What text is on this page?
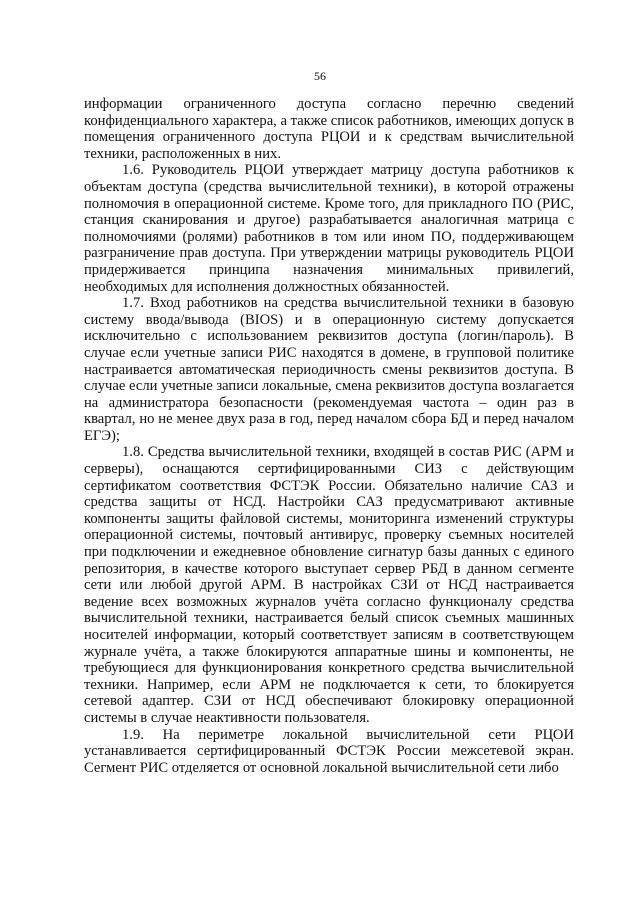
56

информации ограниченного доступа согласно перечню сведений конфиденциального характера, а также список работников, имеющих допуск в помещения ограниченного доступа РЦОИ и к средствам вычислительной техники, расположенных в них.

1.6. Руководитель РЦОИ утверждает матрицу доступа работников к объектам доступа (средства вычислительной техники), в которой отражены полномочия в операционной системе. Кроме того, для прикладного ПО (РИС, станция сканирования и другое) разрабатывается аналогичная матрица с полномочиями (ролями) работников в том или ином ПО, поддерживающем разграничение прав доступа. При утверждении матрицы руководитель РЦОИ придерживается принципа назначения минимальных привилегий, необходимых для исполнения должностных обязанностей.

1.7. Вход работников на средства вычислительной техники в базовую систему ввода/вывода (BIOS) и в операционную систему допускается исключительно с использованием реквизитов доступа (логин/пароль). В случае если учетные записи РИС находятся в домене, в групповой политике настраивается автоматическая периодичность смены реквизитов доступа. В случае если учетные записи локальные, смена реквизитов доступа возлагается на администратора безопасности (рекомендуемая частота – один раз в квартал, но не менее двух раза в год, перед началом сбора БД и перед началом ЕГЭ);

1.8. Средства вычислительной техники, входящей в состав РИС (АРМ и серверы), оснащаются сертифицированными СИЗ с действующим сертификатом соответствия ФСТЭК России. Обязательно наличие САЗ и средства защиты от НСД. Настройки САЗ предусматривают активные компоненты защиты файловой системы, мониторинга изменений структуры операционной системы, почтовый антивирус, проверку съемных носителей при подключении и ежедневное обновление сигнатур базы данных с единого репозитория, в качестве которого выступает сервер РБД в данном сегменте сети или любой другой АРМ. В настройках СЗИ от НСД настраивается ведение всех возможных журналов учёта согласно функционалу средства вычислительной техники, настраивается белый список съемных машинных носителей информации, который соответствует записям в соответствующем журнале учёта, а также блокируются аппаратные шины и компоненты, не требующиеся для функционирования конкретного средства вычислительной техники. Например, если АРМ не подключается к сети, то блокируется сетевой адаптер. СЗИ от НСД обеспечивают блокировку операционной системы в случае неактивности пользователя.

1.9. На периметре локальной вычислительной сети РЦОИ устанавливается сертифицированный ФСТЭК России межсетевой экран. Сегмент РИС отделяется от основной локальной вычислительной сети либо
